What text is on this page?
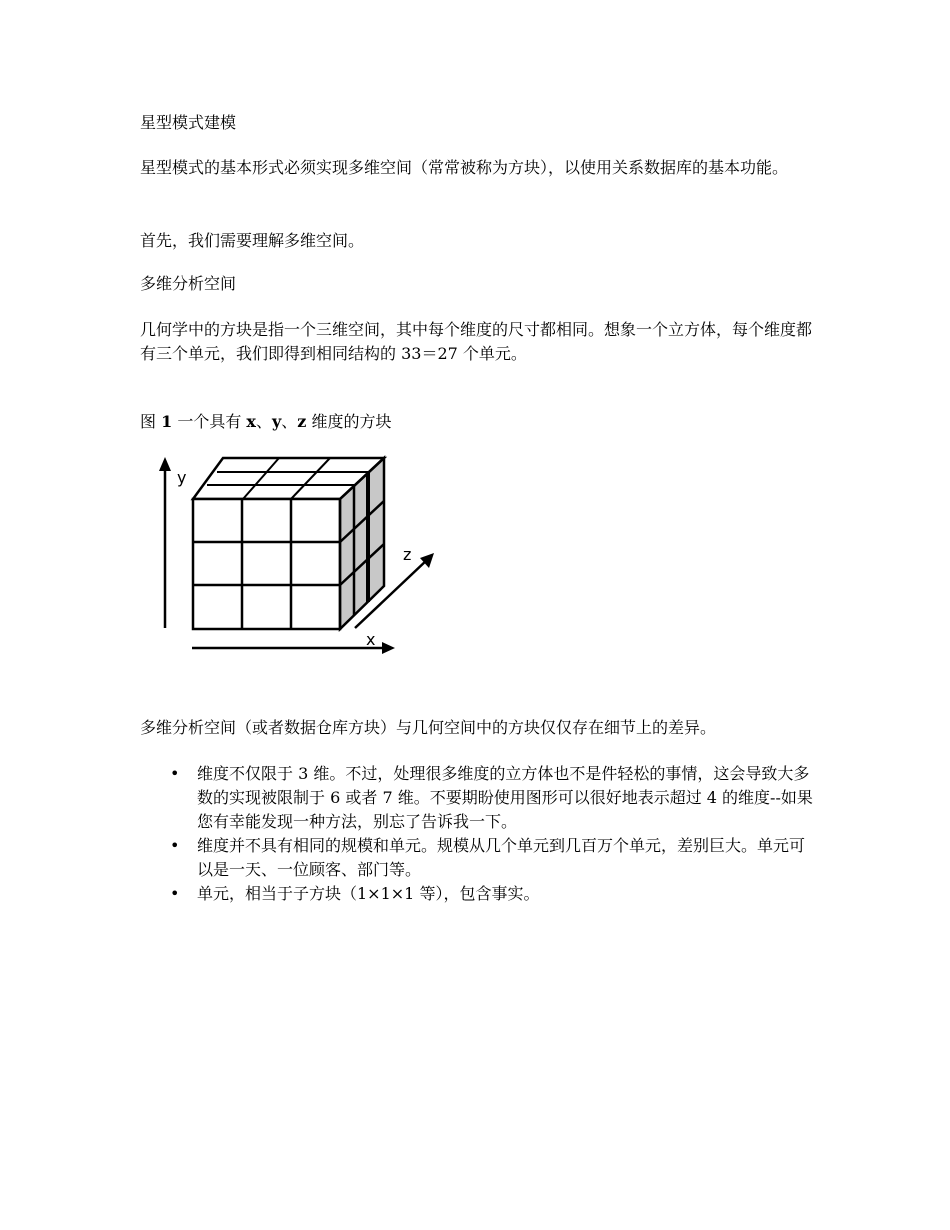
星型模式建模

星型模式的基本形式必须实现多维空间（常常被称为方块），以使用关系数据库的基本功能。

首先，我们需要理解多维空间。

多维分析空间

几何学中的方块是指一个三维空间，其中每个维度的尺寸都相同。想象一个立方体，每个维度都有三个单元，我们即得到相同结构的 33＝27 个单元。

图 1 一个具有 x、y、z 维度的方块

y
z
x

多维分析空间（或者数据仓库方块）与几何空间中的方块仅仅存在细节上的差异。

• 维度不仅限于 3 维。不过，处理很多维度的立方体也不是件轻松的事情，这会导致大多数的实现被限制于 6 或者 7 维。不要期盼使用图形可以很好地表示超过 4 的维度--如果您有幸能发现一种方法，别忘了告诉我一下。
• 维度并不具有相同的规模和单元。规模从几个单元到几百万个单元，差别巨大。单元可以是一天、一位顾客、部门等。
• 单元，相当于子方块（1×1×1 等），包含事实。
